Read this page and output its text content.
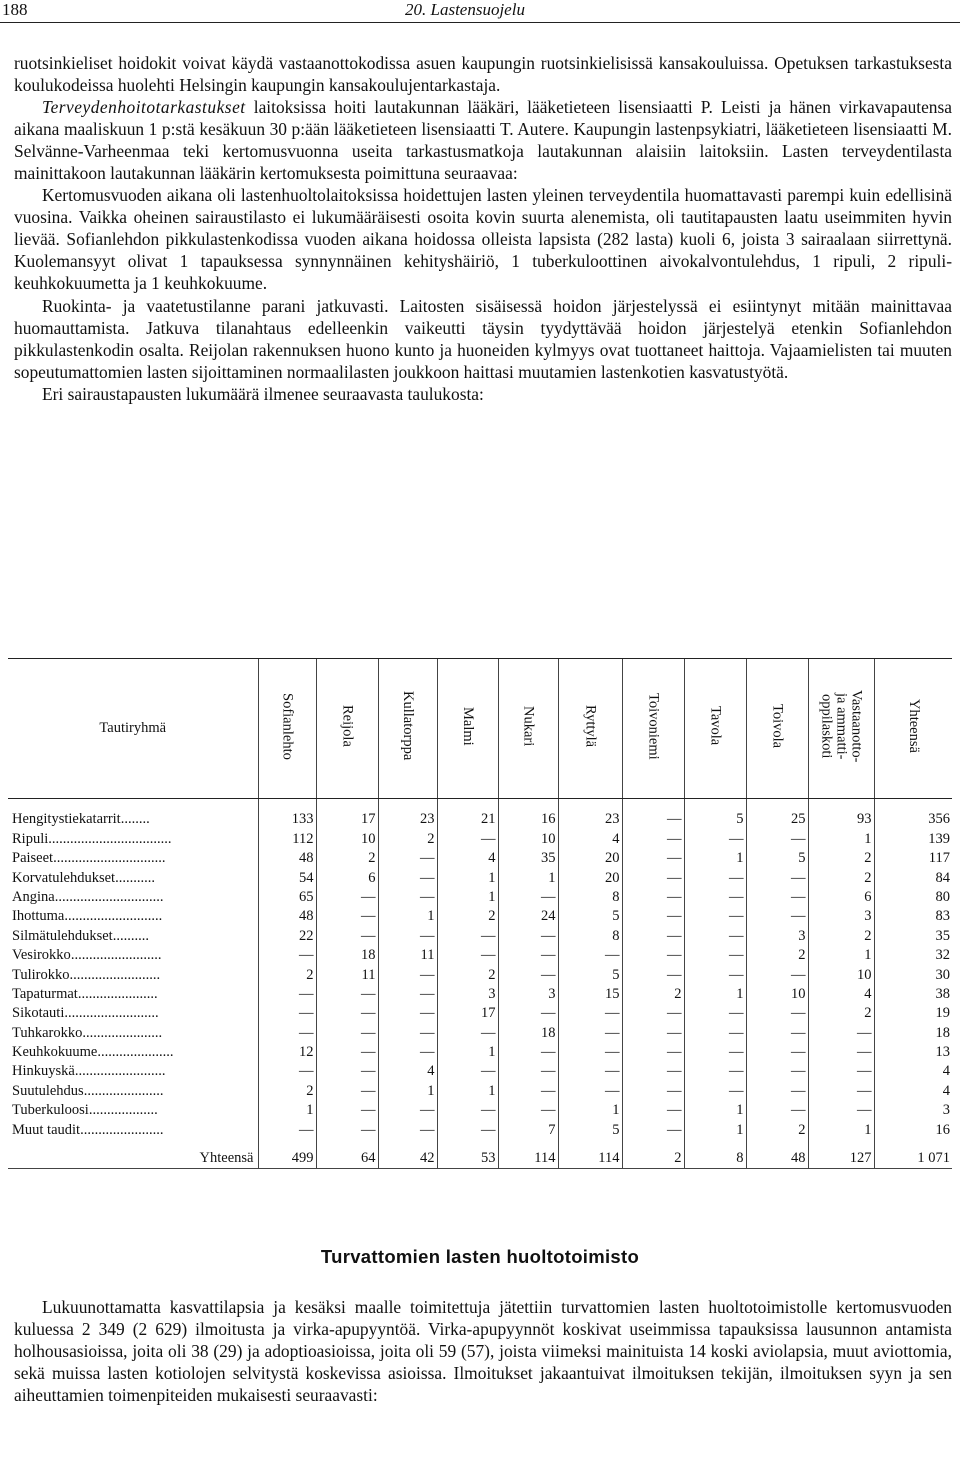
188	20. Lastensuojelu

ruotsinkieliset hoidokit voivat käydä vastaanottokodissa asuen kaupungin ruotsinkielisissä kansakouluissa. Opetuksen tarkastuksesta koulukodeissa huolehti Helsingin kaupungin kansakoulujentarkastaja.

Terveydenhoitotarkastukset laitoksissa hoiti lautakunnan lääkäri, lääketieteen lisensiaatti P. Leisti ja hänen virkavapautensa aikana maaliskuun 1 p:stä kesäkuun 30 p:ään lääketieteen lisensiaatti T. Autere. Kaupungin lastenpsykiatri, lääketieteen lisensiaatti M. Selvänne-Varheenmaa teki kertomusvuonna useita tarkastusmatkoja lautakunnan alaisiin laitoksiin. Lasten terveydentilasta mainittakoon lautakunnan lääkärin kertomuksesta poimittuna seuraavaa:

Kertomusvuoden aikana oli lastenhuoltolaitoksissa hoidettujen lasten yleinen terveydentila huomattavasti parempi kuin edellisinä vuosina. Vaikka oheinen sairaustilasto ei lukumääräisesti osoita kovin suurta alenemista, oli tautitapausten laatu useimmiten hyvin lievää. Sofianlehdon pikkulastenkodissa vuoden aikana hoidossa olleista lapsista (282 lasta) kuoli 6, joista 3 sairaalaan siirrettynä. Kuolemansyyt olivat 1 tapauksessa synnynnäinen kehityshäiriö, 1 tuberkuloottinen aivokalvontulehdus, 1 ripuli, 2 ripuli-keuhkokuumetta ja 1 keuhkokuume.

Ruokinta- ja vaatetustilanne parani jatkuvasti. Laitosten sisäisessä hoidon järjestelyssä ei esiintynyt mitään mainittavaa huomauttamista. Jatkuva tilanahtaus edelleenkin vaikeutti täysin tyydyttävää hoidon järjestelyä etenkin Sofianlehdon pikkulastenkodin osalta. Reijolan rakennuksen huono kunto ja huoneiden kylmyys ovat tuottaneet haittoja. Vajaamielisten tai muuten sopeutumattomien lasten sijoittaminen normaalilasten joukkoon haittasi muutamien lastenkotien kasvatustyötä.

Eri sairaustapausten lukumäärä ilmenee seuraavasta taulukosta:

Tautiryhmä	Sofianlehto	Reijola	Kullatorppa	Malmi	Nukari	Ryttylä	Toivoniemi	Tavola	Toivola	Vastaanotto-
ja ammatti-
oppilaskoti	Yhteensä

Hengitystiekatarrit........	133	17	23	21	16	23	—	5	25	93	356
Ripuli..................................	112	10	2	—	10	4	—	—	—	1	139
Paiseet...............................	48	2	—	4	35	20	—	1	5	2	117
Korvatulehdukset...........	54	6	—	1	1	20	—	—	—	2	84
Angina..............................	65	—	—	1	—	8	—	—	—	6	80
Ihottuma...........................	48	—	1	2	24	5	—	—	—	3	83
Silmätulehdukset..........	22	—	—	—	—	8	—	—	3	2	35
Vesirokko.........................	—	18	11	—	—	—	—	—	2	1	32
Tulirokko.........................	2	11	—	2	—	5	—	—	—	10	30
Tapaturmat......................	—	—	—	3	3	15	2	1	10	4	38
Sikotauti..........................	—	—	—	17	—	—	—	—	—	2	19
Tuhkarokko......................	—	—	—	—	18	—	—	—	—	—	18
Keuhkokuume.....................	12	—	—	1	—	—	—	—	—	—	13
Hinkuyskä.........................	—	—	4	—	—	—	—	—	—	—	4
Suutulehdus......................	2	—	1	1	—	—	—	—	—	—	4
Tuberkuloosi...................	1	—	—	—	—	1	—	1	—	—	3
Muut taudit.......................	—	—	—	—	7	5	—	1	2	1	16
Yhteensä	499	64	42	53	114	114	2	8	48	127	1 071
Turvattomien lasten huoltotoimisto

Lukuunottamatta kasvattilapsia ja kesäksi maalle toimitettuja jätettiin turvattomien lasten huoltotoimistolle kertomusvuoden kuluessa 2 349 (2 629) ilmoitusta ja virka-apupyyntöä. Virka-apupyynnöt koskivat useimmissa tapauksissa lausunnon antamista holhousasioissa, joita oli 38 (29) ja adoptioasioissa, joita oli 59 (57), joista viimeksi mainituista 14 koski aviolapsia, muut aviottomia, sekä muissa lasten kotiolojen selvitystä koskevissa asioissa. Ilmoitukset jakaantuivat ilmoituksen tekijän, ilmoituksen syyn ja sen aiheuttamien toimenpiteiden mukaisesti seuraavasti:
